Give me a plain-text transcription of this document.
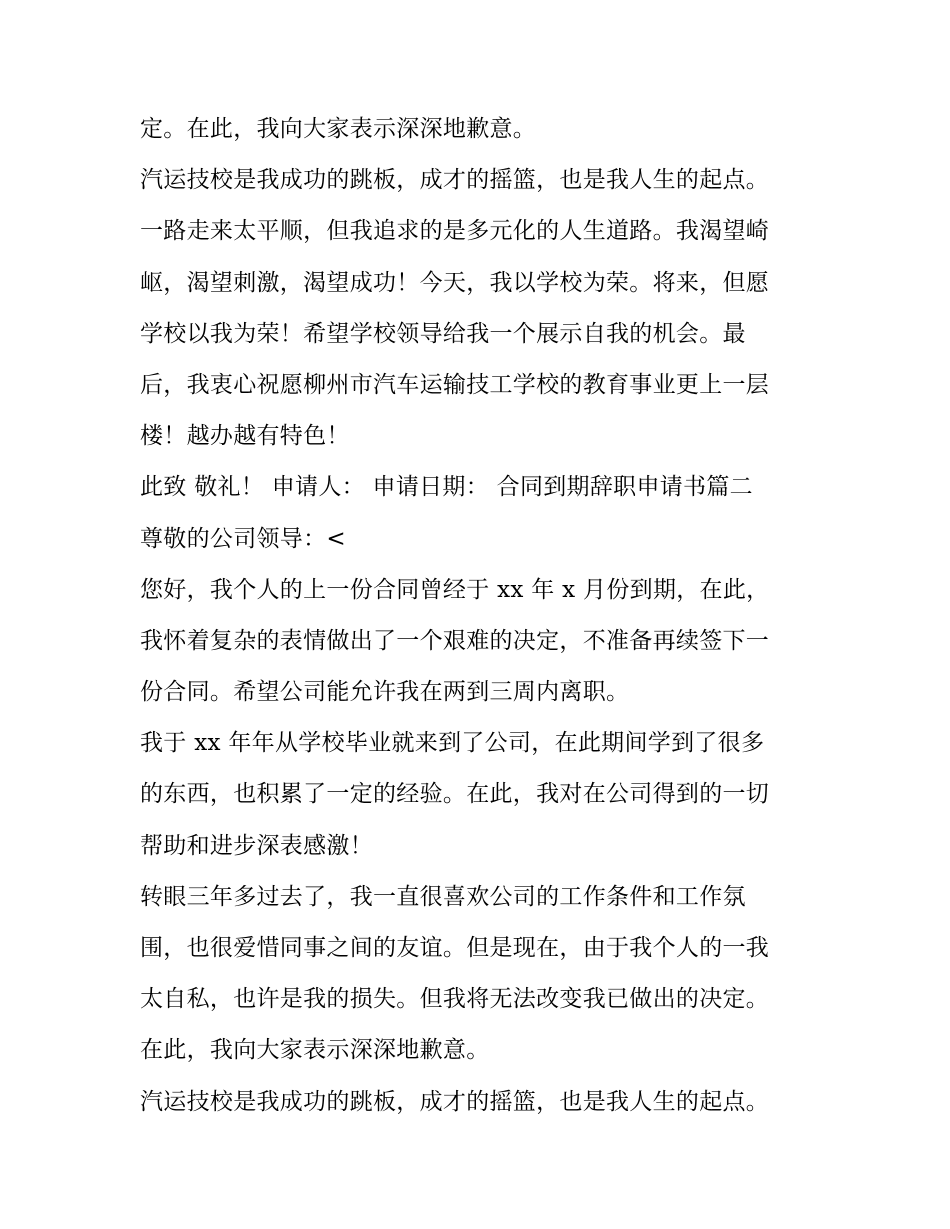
定。在此，我向大家表示深深地歉意。
汽运技校是我成功的跳板，成才的摇篮，也是我人生的起点。
一路走来太平顺，但我追求的是多元化的人生道路。我渴望崎
岖，渴望刺激，渴望成功！今天，我以学校为荣。将来，但愿
学校以我为荣！希望学校领导给我一个展示自我的机会。最
后，我衷心祝愿柳州市汽车运输技工学校的教育事业更上一层
楼！越办越有特色！
此致 敬礼！ 申请人： 申请日期： 合同到期辞职申请书篇二
尊敬的公司领导：<
您好，我个人的上一份合同曾经于 xx 年 x 月份到期，在此，
我怀着复杂的表情做出了一个艰难的决定，不准备再续签下一
份合同。希望公司能允许我在两到三周内离职。
我于 xx 年年从学校毕业就来到了公司，在此期间学到了很多
的东西，也积累了一定的经验。在此，我对在公司得到的一切
帮助和进步深表感激！
转眼三年多过去了，我一直很喜欢公司的工作条件和工作氛
围，也很爱惜同事之间的友谊。但是现在，由于我个人的一我
太自私，也许是我的损失。但我将无法改变我已做出的决定。
在此，我向大家表示深深地歉意。
汽运技校是我成功的跳板，成才的摇篮，也是我人生的起点。
